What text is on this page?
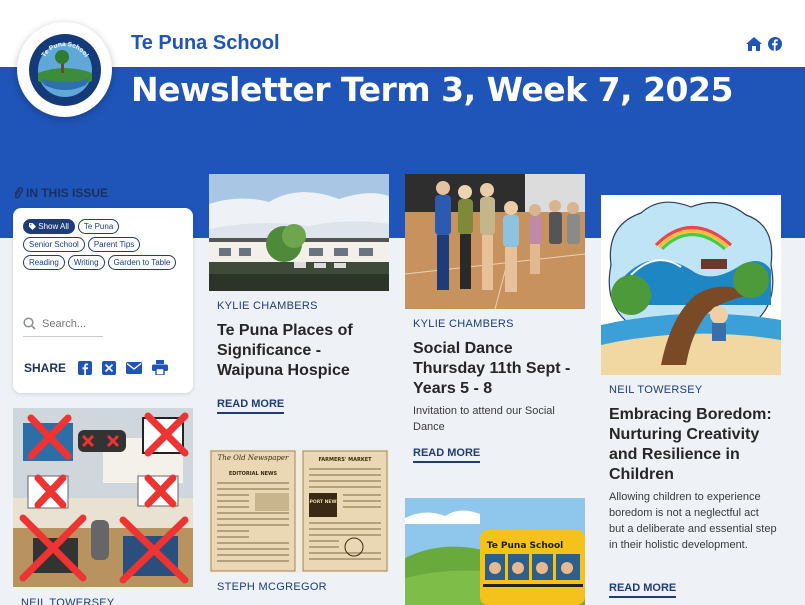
Te Puna School
Te Puna School
Newsletter Term 3, Week 7, 2025
IN THIS ISSUE
Show All	Te Puna
Senior School	Parent Tips
Reading	Writing	Garden to Table
Search...
SHARE
NEIL TOWERSEY
KYLIE CHAMBERS
Te Puna Places of Significance - Waipuna Hospice
READ MORE
The Old Newspaper
EDITORIAL NEWS
FARMERS' MARKET
SPORT NEWS
STEPH MCGREGOR
KYLIE CHAMBERS
Social Dance Thursday 11th Sept - Years 5 - 8
Invitation to attend our Social Dance
READ MORE
Te Puna School
NEIL TOWERSEY
Embracing Boredom: Nurturing Creativity and Resilience in Children
Allowing children to experience boredom is not a neglectful act but a deliberate and essential step in their holistic development.
READ MORE
